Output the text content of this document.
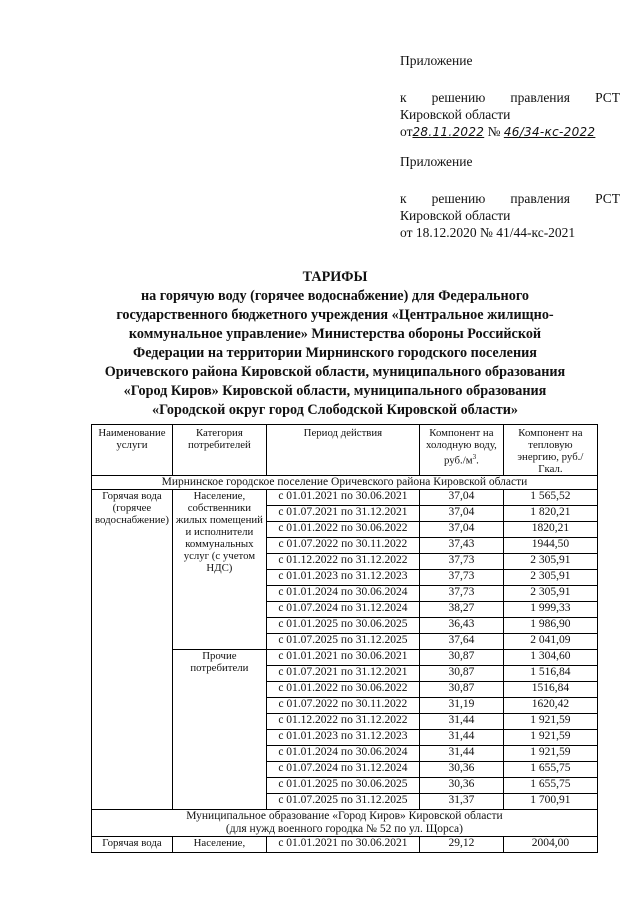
Приложение
к решению правления РСТ
Кировской области
от28.11.2022 № 46/34-кс-2022
Приложение
к решению правления РСТ
Кировской области
от 18.12.2020 № 41/44-кс-2021
ТАРИФЫ
на горячую воду (горячее водоснабжение) для Федерального
государственного бюджетного учреждения «Центральное жилищно-
коммунальное управление» Министерства обороны Российской
Федерации на территории Мирнинского городского поселения
Оричевского района Кировской области, муниципального образования
«Город Киров» Кировской области, муниципального образования
«Городской округ город Слободской Кировской области»
Наименование услуги	Категория потребителей	Период действия	Компонент на холодную воду, $руб./м^3$.	Компонент на тепловую энергию, руб./Гкал.
Мирнинское городское поселение Оричевского района Кировской области				
Горячая вода (горячее водоснабжение)	Население, собственники жилых помещений и исполнители коммунальных услуг (с учетом НДС)	с 01.01.2021 по 30.06.2021	37,04	1 565,52
		с 01.07.2021 по 31.12.2021	37,04	1 820,21
		с 01.01.2022 по 30.06.2022	37,04	1820,21
		с 01.07.2022 по 30.11.2022	37,43	1944,50
		с 01.12.2022 по 31.12.2022	37,73	2 305,91
		с 01.01.2023 по 31.12.2023	37,73	2 305,91
		с 01.01.2024 по 30.06.2024	37,73	2 305,91
		с 01.07.2024 по 31.12.2024	38,27	1 999,33
		с 01.01.2025 по 30.06.2025	36,43	1 986,90
		с 01.07.2025 по 31.12.2025	37,64	2 041,09
	Прочие потребители	с 01.01.2021 по 30.06.2021	30,87	1 304,60
		с 01.07.2021 по 31.12.2021	30,87	1 516,84
		с 01.01.2022 по 30.06.2022	30,87	1516,84
		с 01.07.2022 по 30.11.2022	31,19	1620,42
		с 01.12.2022 по 31.12.2022	31,44	1 921,59
		с 01.01.2023 по 31.12.2023	31,44	1 921,59
		с 01.01.2024 по 30.06.2024	31,44	1 921,59
		с 01.07.2024 по 31.12.2024	30,36	1 655,75
		с 01.01.2025 по 30.06.2025	30,36	1 655,75
		с 01.07.2025 по 31.12.2025	31,37	1 700,91

Муниципальное образование «Город Киров» Кировской области
(для нужд военного городка № 52 по ул. Щорса)				

Горячая вода	Население,	с 01.01.2021 по 30.06.2021	29,12	2004,00
